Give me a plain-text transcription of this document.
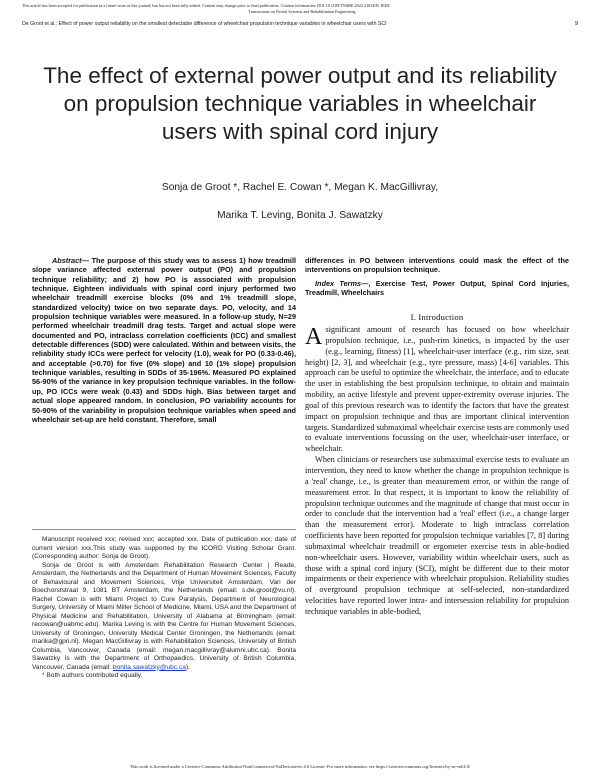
This article has been accepted for publication in a future issue of this journal, but has not been fully edited. Content may change prior to final publication. Citation information: DOI 10.1109/TNSRE.2022.3165409, IEEE
Transactions on Neural Systems and Rehabilitation Engineering
De Groot et al.: Effect of power output reliability on the smallest detectable difference of wheelchair propulsion technique variables in wheelchair users with SCI	9
The effect of external power output and its reliability on propulsion technique variables in wheelchair users with spinal cord injury
Sonja de Groot *, Rachel E. Cowan *, Megan K. MacGillivray,
Marika T. Leving, Bonita J. Sawatzky
Abstract— The purpose of this study was to assess 1) how treadmill slope variance affected external power output (PO) and propulsion technique reliability; and 2) how PO is associated with propulsion technique. Eighteen individuals with spinal cord injury performed two wheelchair treadmill exercise blocks (0% and 1% treadmill slope, standardized velocity) twice on two separate days. PO, velocity, and 14 propulsion technique variables were measured. In a follow-up study, N=29 performed wheelchair treadmill drag tests. Target and actual slope were documented and PO, intraclass correlation coefficients (ICC) and smallest detectable differences (SDD) were calculated. Within and between visits, the reliability study ICCs were perfect for velocity (1.0), weak for PO (0.33-0.46), and acceptable (>0.70) for five (0% slope) and 10 (1% slope) propulsion technique variables, resulting in SDDs of 35-196%. Measured PO explained 56-90% of the variance in key propulsion technique variables. In the follow-up, PO ICCs were weak (0.43) and SDDs high. Bias between target and actual slope appeared random. In conclusion, PO variability accounts for 50-90% of the variability in propulsion technique variables when speed and wheelchair set-up are held constant. Therefore, small

differences in PO between interventions could mask the effect of the interventions on propulsion technique.

Index Terms—, Exercise Test, Power Output, Spinal Cord Injuries, Treadmill, Wheelchairs

I. Introduction

Asignificant amount of research has focused on how wheelchair propulsion technique, i.e., push-rim kinetics, is impacted by the user (e.g., learning, fitness) [1], wheelchair-user interface (e.g., rim size, seat height) [2, 3], and wheelchair (e.g., tyre pressure, mass) [4-6] variables. This approach can be useful to optimize the wheelchair, the interface, and to educate the user in establishing the best propulsion technique, to obtain and maintain mobility, an active lifestyle and prevent upper-extremity overuse injuries. The goal of this previous research was to identify the factors that have the greatest impact on propulsion technique and thus are important clinical intervention targets. Standardized submaximal wheelchair exercise tests are commonly used to evaluate interventions focussing on the user, wheelchair-user interface, or wheelchair.

When clinicians or researchers use submaximal exercise tests to evaluate an intervention, they need to know whether the change in propulsion technique is a 'real' change, i.e., is greater than measurement error, or within the range of measurement error. In that respect, it is important to know the reliability of propulsion technique outcomes and the magnitude of change that must occur in order to conclude that the intervention had a 'real' effect (i.e., a change larger than the measurement error). Moderate to high intraclass correlation coefficients have been reported for propulsion technique variables [7, 8] during submaximal wheelchair treadmill or ergometer exercise tests in able-bodied non-wheelchair users. However, variability within wheelchair users, such as those with a spinal cord injury (SCI), might be different due to their motor impairments or their experience with wheelchair propulsion. Reliability studies of overground propulsion technique at self-selected, non-standardized velocities have reported lower intra- and intersession reliability for propulsion technique variables in able-bodied,

Manuscript received xxx; revised xxx; accepted xxx. Date of publication xxx; date of current version xxx.This study was supported by the ICORD Visiting Scholar Grant. (Corresponding author: Sonja de Groot).

Sonja de Groot is with Amsterdam Rehabilitation Research Center | Reade, Amsterdam, the Netherlands and the Department of Human Movement Sciences, Faculty of Behavioural and Movement Sciences, Vrije Universiteit Amsterdam, Van der Boechorststraat 9, 1081 BT Amsterdam, the Netherlands (email: s.de.groot@vu.nl). Rachel Cowan is with Miami Project to Cure Paralysis, Department of Neurological Surgery, University of Miami Miller School of Medicine, Miami, USA and the Department of Physical Medicine and Rehabilitation, University of Alabama at Birmingham (email: recowan@uabmc.edu). Marika Leving is with the Centre for Human Movement Sciences, University of Groningen, University Medical Center Groningen, the Netherlands (email: marika@gpri.nl). Megan MacGillivray is with Rehabilitation Sciences, University of British Columbia, Vancouver, Canada (email: megan.macgillivray@alumni.ubc.ca). Bonita Sawatzky is with the Department of Orthopaedics, University of British Columbia, Vancouver, Canada (email: bonita.sawatzky@ubc.ca).

* Both authors contributed equally.

This work is licensed under a Creative Commons Attribution-NonCommercial-NoDerivatives 4.0 License. For more information, see https://creativecommons.org/licenses/by-nc-nd/4.0/
